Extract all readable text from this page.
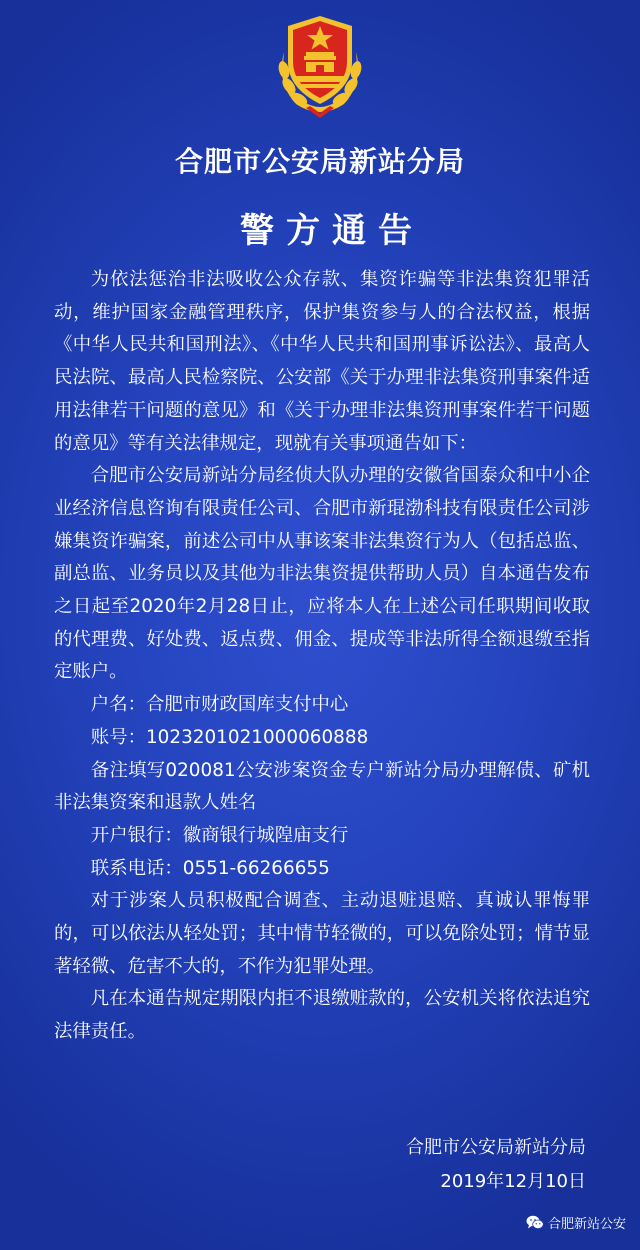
合肥市公安局新站分局
警方通告

为依法惩治非法吸收公众存款、集资诈骗等非法集资犯罪活动，维护国家金融管理秩序，保护集资参与人的合法权益，根据《中华人民共和国刑法》、《中华人民共和国刑事诉讼法》、最高人民法院、最高人民检察院、公安部《关于办理非法集资刑事案件适用法律若干问题的意见》和《关于办理非法集资刑事案件若干问题的意见》等有关法律规定，现就有关事项通告如下：

合肥市公安局新站分局经侦大队办理的安徽省国泰众和中小企业经济信息咨询有限责任公司、合肥市新琨渤科技有限责任公司涉嫌集资诈骗案，前述公司中从事该案非法集资行为人（包括总监、副总监、业务员以及其他为非法集资提供帮助人员）自本通告发布之日起至2020年2月28日止，应将本人在上述公司任职期间收取的代理费、好处费、返点费、佣金、提成等非法所得全额退缴至指定账户。

户名：合肥市财政国库支付中心

账号：1023201021000060888

备注填写020081公安涉案资金专户新站分局办理解债、矿机非法集资案和退款人姓名

开户银行：徽商银行城隍庙支行

联系电话：0551-66266655

对于涉案人员积极配合调查、主动退赃退赔、真诚认罪悔罪的，可以依法从轻处罚；其中情节轻微的，可以免除处罚；情节显著轻微、危害不大的，不作为犯罪处理。

凡在本通告规定期限内拒不退缴赃款的，公安机关将依法追究法律责任。

合肥市公安局新站分局
2019年12月10日
合肥新站公安
